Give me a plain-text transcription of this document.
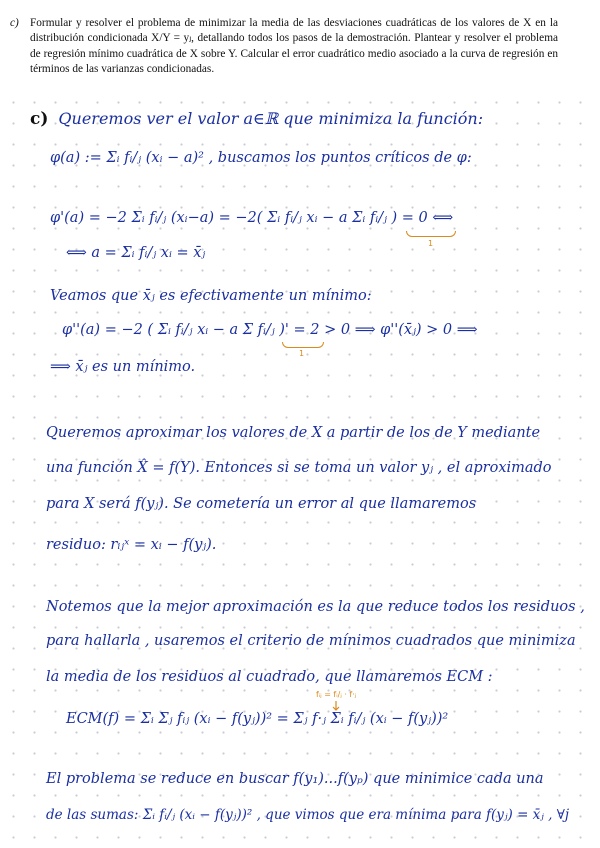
c) Formular y resolver el problema de minimizar la media de las desviaciones cuadráticas de los valores de X en la distribución condicionada X/Y = yⱼ, detallando todos los pasos de la demostración. Plantear y resolver el problema de regresión mínimo cuadrática de X sobre Y. Calcular el error cuadrático medio asociado a la curva de regresión en términos de las varianzas condicionadas.

c) Queremos ver el valor a∈ℝ que minimiza la función:

φ(a) := Σᵢ fᵢ/ⱼ (xᵢ − a)² , buscamos los puntos críticos de φ:

φ'(a) = −2 Σᵢ fᵢ/ⱼ (xᵢ−a) = −2( Σᵢ fᵢ/ⱼ xᵢ − a Σᵢ fᵢ/ⱼ ) = 0 ⟺

1

⟺ a = Σᵢ fᵢ/ⱼ xᵢ = x̄ⱼ

Veamos que x̄ⱼ es efectivamente un mínimo:

φ''(a) = −2 ( Σᵢ fᵢ/ⱼ xᵢ − a Σ fᵢ/ⱼ )' = 2 > 0 ⟹ φ''(x̄ⱼ) > 0 ⟹

1

⟹ x̄ⱼ es un mínimo.

Queremos aproximar los valores de X a partir de los de Y mediante

una función X̂ = f(Y). Entonces si se toma un valor yⱼ , el aproximado

para X será f(yⱼ). Se cometería un error al que llamaremos

residuo: rᵢⱼˣ = xᵢ − f(yⱼ).

Notemos que la mejor aproximación es la que reduce todos los residuos ,

para hallarla , usaremos el criterio de mínimos cuadrados que minimiza

la media de los residuos al cuadrado, que llamaremos ECM :

fᵢⱼ = fᵢ/ⱼ · f·ⱼ

ECM(f) = Σᵢ Σⱼ fᵢⱼ (xᵢ − f(yⱼ))² = Σⱼ f·ⱼ Σᵢ fᵢ/ⱼ (xᵢ − f(yⱼ))²

El problema se reduce en buscar f(y₁)...f(yₚ) que minimice cada una

de las sumas: Σᵢ fᵢ/ⱼ (xᵢ − f(yⱼ))² , que vimos que era mínima para f(yⱼ) = x̄ⱼ , ∀j
